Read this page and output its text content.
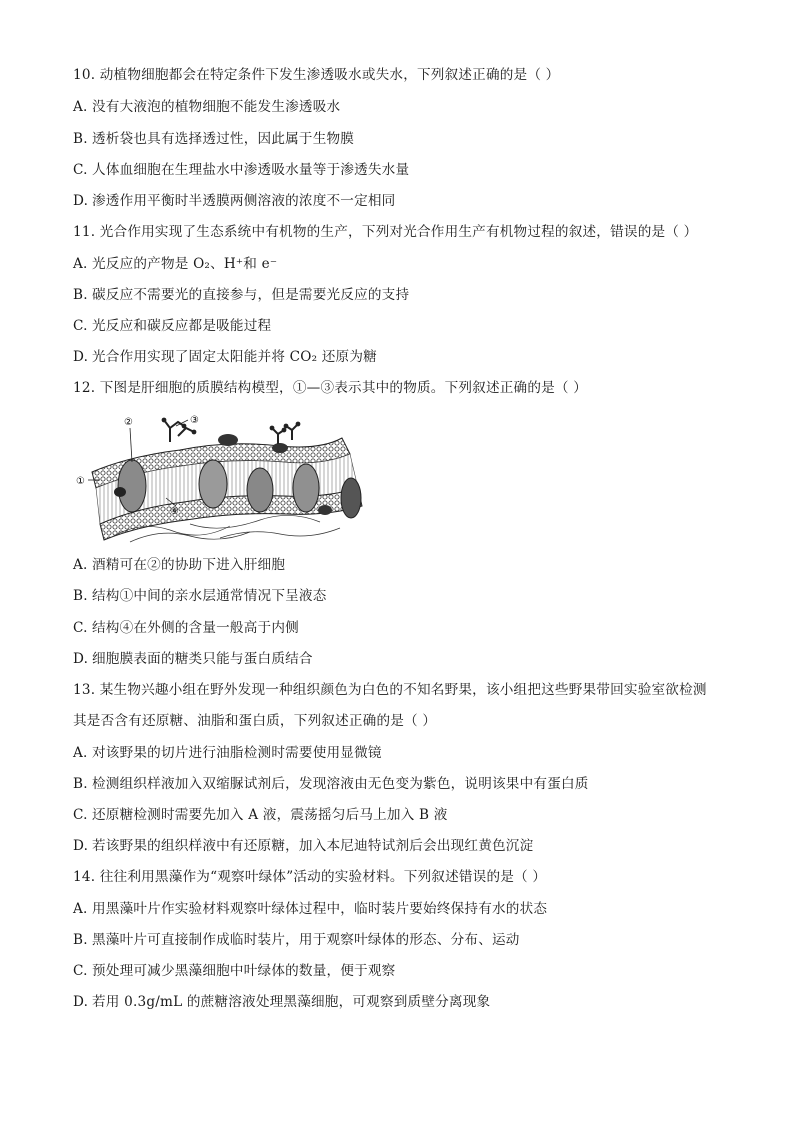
10. 动植物细胞都会在特定条件下发生渗透吸水或失水，下列叙述正确的是（ ）
A. 没有大液泡的植物细胞不能发生渗透吸水
B. 透析袋也具有选择透过性，因此属于生物膜
C. 人体血细胞在生理盐水中渗透吸水量等于渗透失水量
D. 渗透作用平衡时半透膜两侧溶液的浓度不一定相同
11. 光合作用实现了生态系统中有机物的生产，下列对光合作用生产有机物过程的叙述，错误的是（ ）
A. 光反应的产物是 O₂、H⁺和 e⁻
B. 碳反应不需要光的直接参与，但是需要光反应的支持
C. 光反应和碳反应都是吸能过程
D. 光合作用实现了固定太阳能并将 CO₂ 还原为糖
12. 下图是肝细胞的质膜结构模型，①—③表示其中的物质。下列叙述正确的是（ ）
①
②	③
④
A. 酒精可在②的协助下进入肝细胞
B. 结构①中间的亲水层通常情况下呈液态
C. 结构④在外侧的含量一般高于内侧
D. 细胞膜表面的糖类只能与蛋白质结合
13. 某生物兴趣小组在野外发现一种组织颜色为白色的不知名野果，该小组把这些野果带回实验室欲检测
其是否含有还原糖、油脂和蛋白质，下列叙述正确的是（ ）
A. 对该野果的切片进行油脂检测时需要使用显微镜
B. 检测组织样液加入双缩脲试剂后，发现溶液由无色变为紫色，说明该果中有蛋白质
C. 还原糖检测时需要先加入 A 液，震荡摇匀后马上加入 B 液
D. 若该野果的组织样液中有还原糖，加入本尼迪特试剂后会出现红黄色沉淀
14. 往往利用黑藻作为“观察叶绿体”活动的实验材料。下列叙述错误的是（ ）
A. 用黑藻叶片作实验材料观察叶绿体过程中，临时装片要始终保持有水的状态
B. 黑藻叶片可直接制作成临时装片，用于观察叶绿体的形态、分布、运动
C. 预处理可减少黑藻细胞中叶绿体的数量，便于观察
D. 若用 0.3g/mL 的蔗糖溶液处理黑藻细胞，可观察到质壁分离现象
